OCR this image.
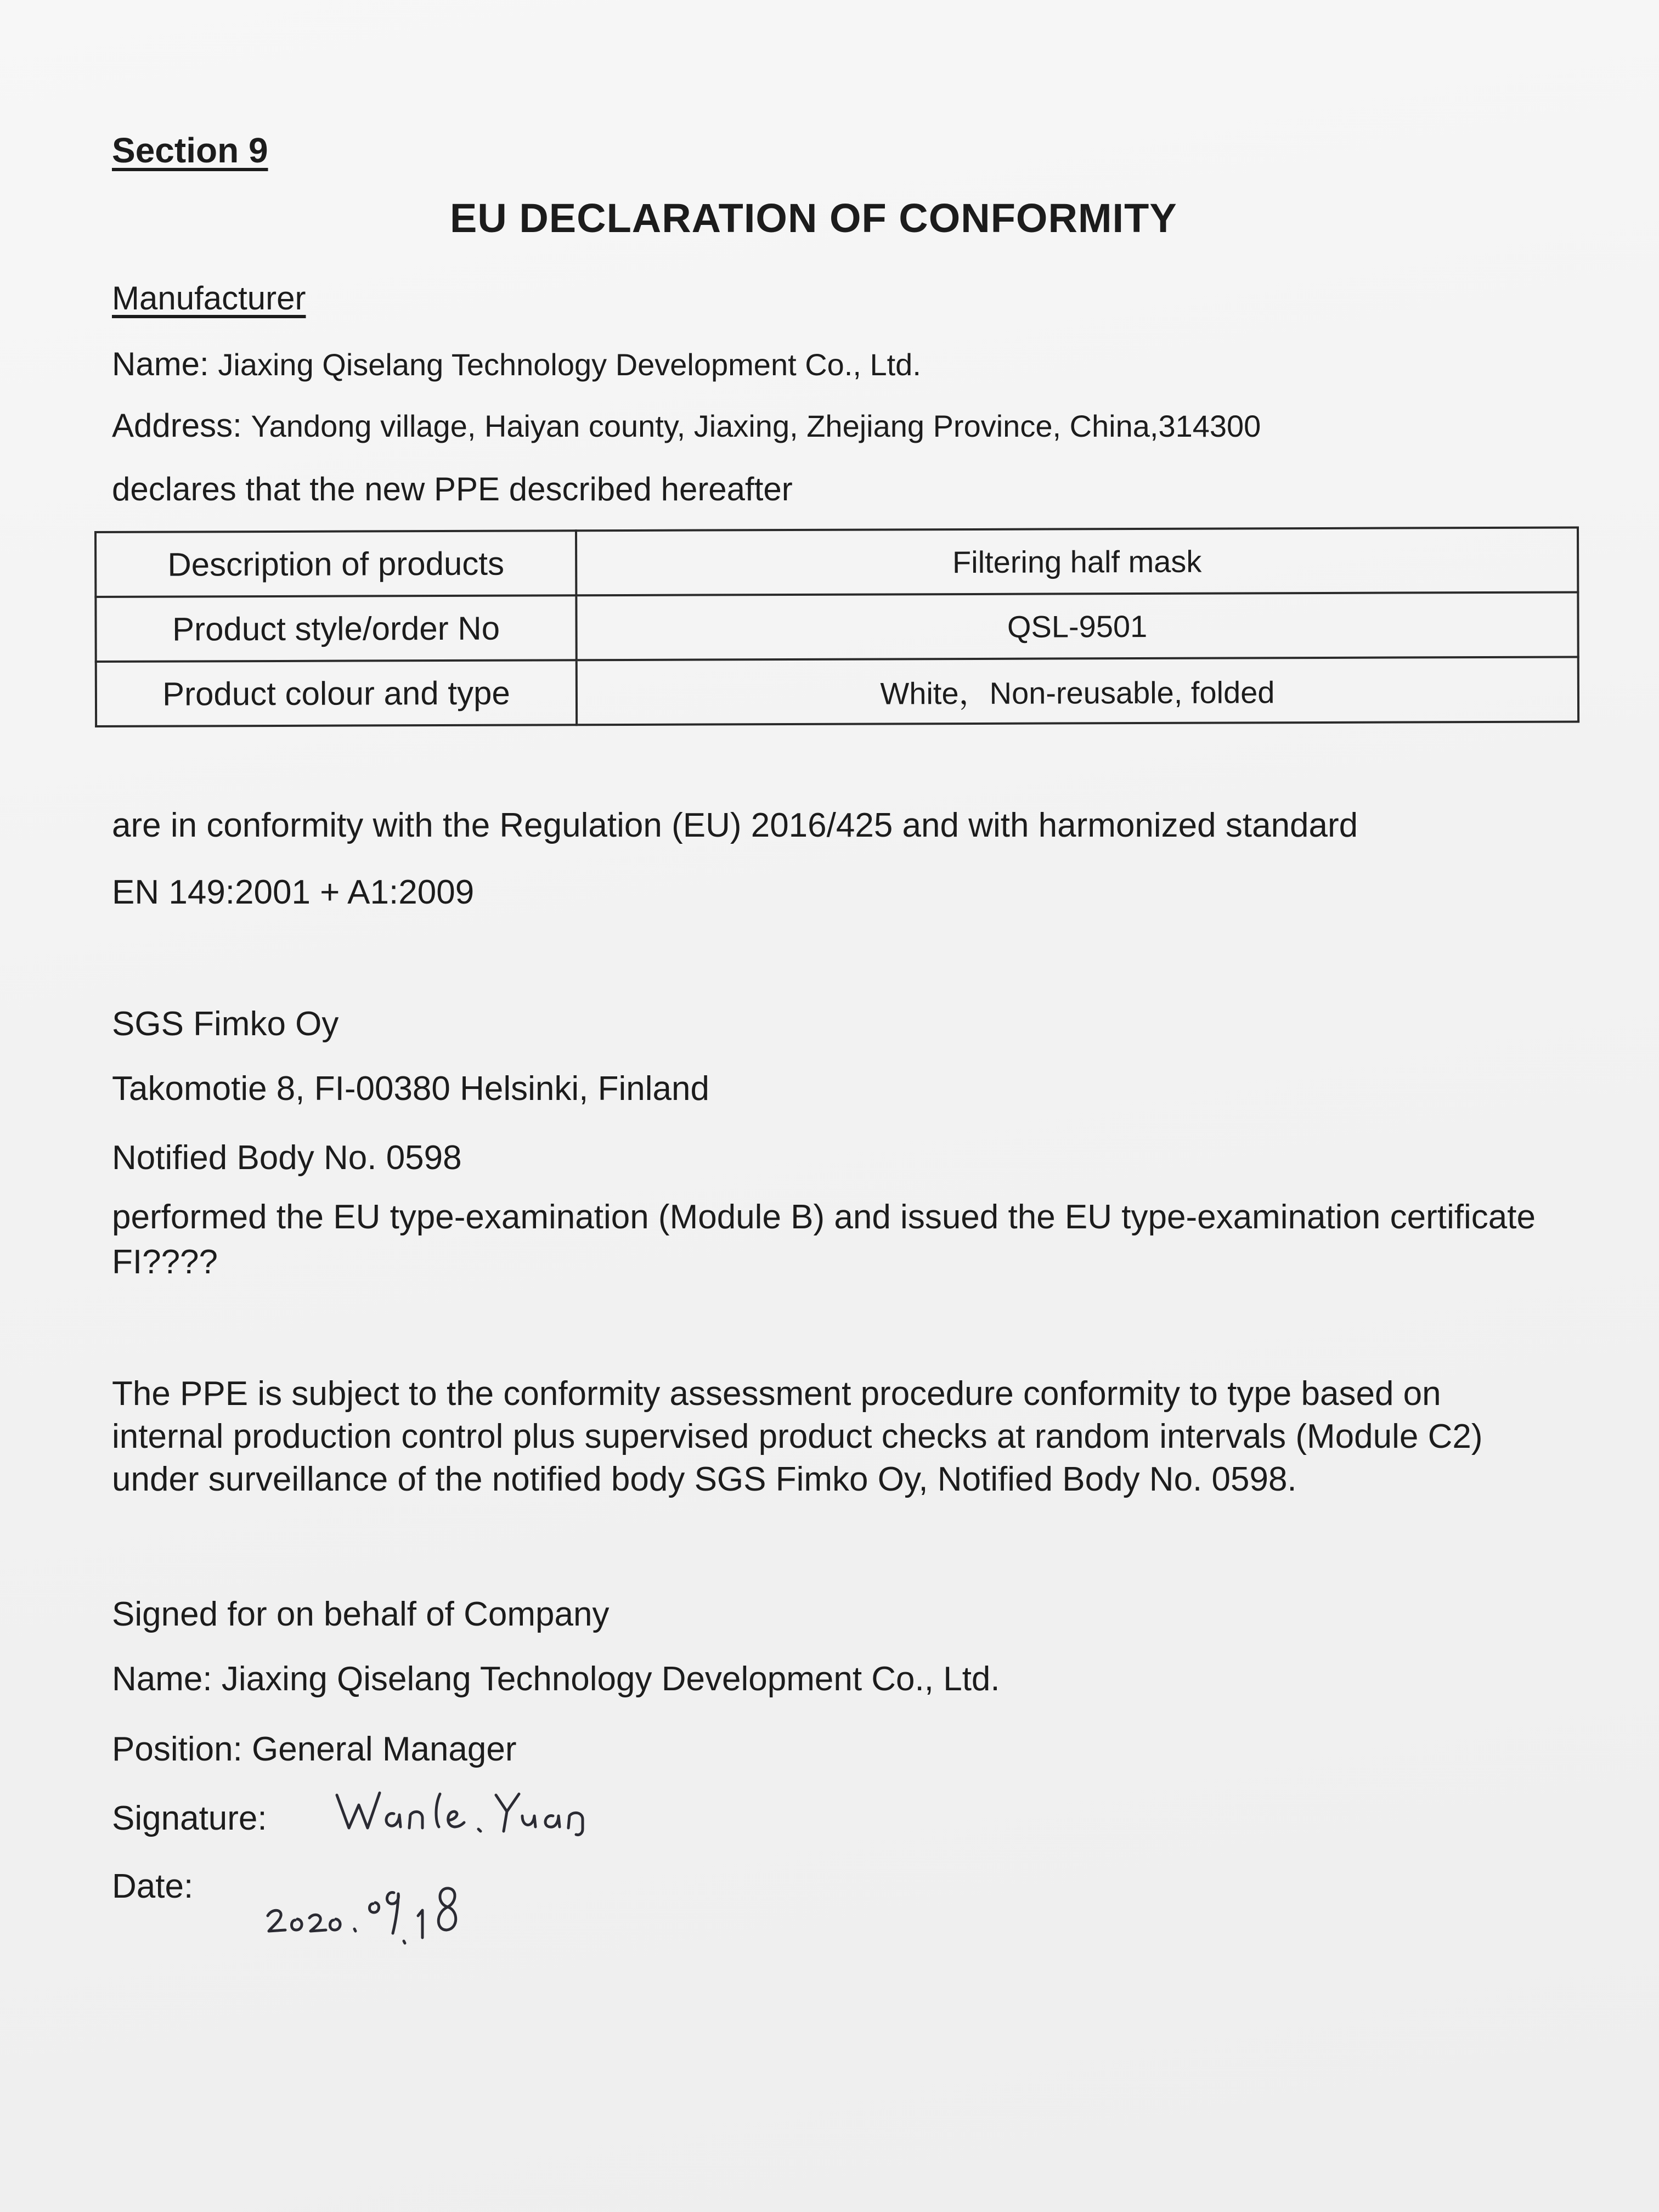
Section 9
EU DECLARATION OF CONFORMITY
Manufacturer
Name: Jiaxing Qiselang Technology Development Co., Ltd.
Address: Yandong village, Haiyan county, Jiaxing, Zhejiang Province, China,314300
declares that the new PPE described hereafter
Description of products	Filtering half mask
Product style/order No	QSL-9501
Product colour and type	White，Non-reusable, folded
are in conformity with the Regulation (EU) 2016/425 and with harmonized standard
EN 149:2001 + A1:2009
SGS Fimko Oy
Takomotie 8, FI-00380 Helsinki, Finland
Notified Body No. 0598
performed the EU type-examination (Module B) and issued the EU type-examination certificate
FI????
The PPE is subject to the conformity assessment procedure conformity to type based on
internal production control plus supervised product checks at random intervals (Module C2)
under surveillance of the notified body SGS Fimko Oy, Notified Body No. 0598.
Signed for on behalf of Company
Name: Jiaxing Qiselang Technology Development Co., Ltd.
Position: General Manager
Signature:
Date:
